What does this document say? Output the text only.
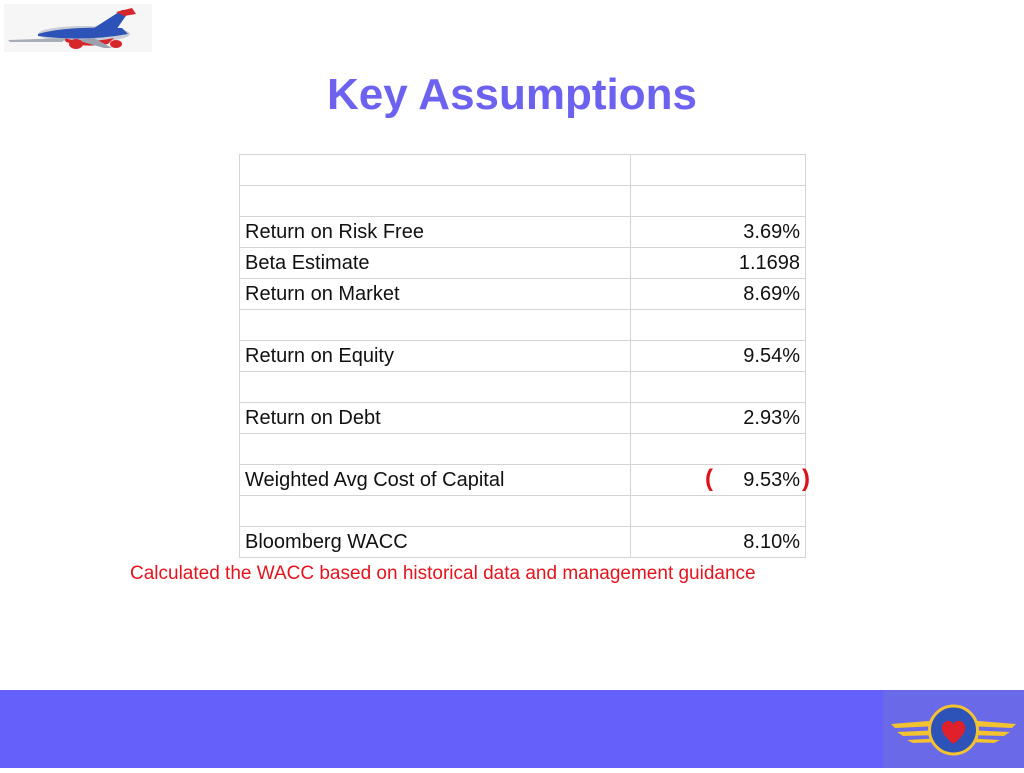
Key Assumptions

Return on Risk Free	3.69%
Beta Estimate	1.1698
Return on Market	8.69%

Return on Equity	9.54%

Return on Debt	2.93%

Weighted Avg Cost of Capital	( 9.53% )

Bloomberg WACC	8.10%
Calculated the WACC based on historical data and management guidance
